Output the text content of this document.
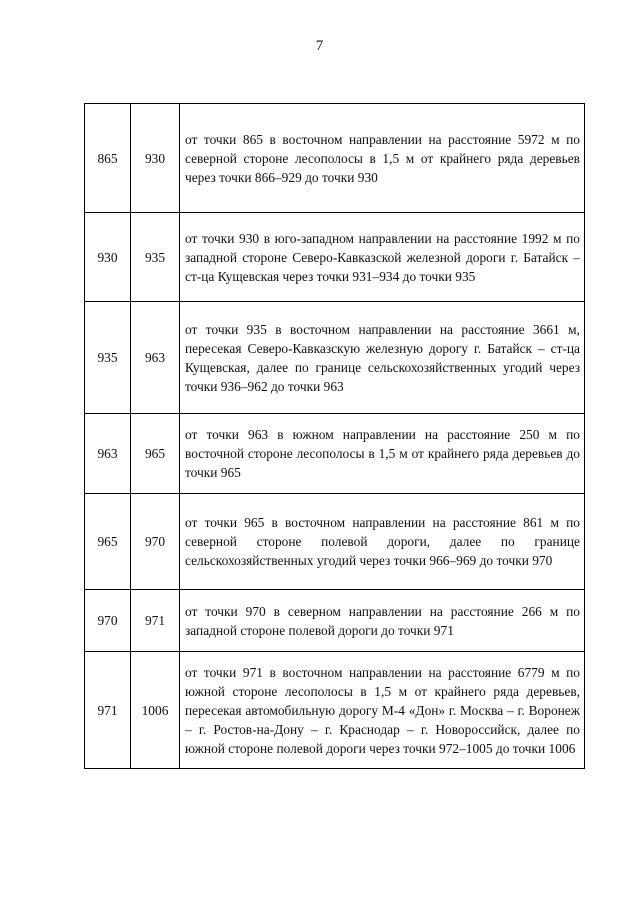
7
865	930	от точки 865 в восточном направлении на расстояние 5972 м по северной стороне лесополосы в 1,5 м от крайнего ряда деревьев через точки 866–929 до точки 930

930	935	от точки 930 в юго-западном направлении на расстояние 1992 м по западной стороне Северо-Кавказской железной дороги г. Батайск – ст-ца Кущевская через точки 931–934 до точки 935

935	963	от точки 935 в восточном направлении на расстояние 3661 м, пересекая Северо-Кавказскую железную дорогу г. Батайск – ст-ца Кущевская, далее по границе сельскохозяйственных угодий через точки 936–962 до точки 963

963	965	от точки 963 в южном направлении на расстояние 250 м по восточной стороне лесополосы в 1,5 м от крайнего ряда деревьев до точки 965

965	970	от точки 965 в восточном направлении на расстояние 861 м по северной стороне полевой дороги, далее по границе сельскохозяйственных угодий через точки 966–969 до точки 970

970	971	от точки 970 в северном направлении на расстояние 266 м по западной стороне полевой дороги до точки 971

971	1006	от точки 971 в восточном направлении на расстояние 6779 м по южной стороне лесополосы в 1,5 м от крайнего ряда деревьев, пересекая автомобильную дорогу М-4 «Дон» г. Москва – г. Воронеж – г. Ростов-на-Дону – г. Краснодар – г. Новороссийск, далее по южной стороне полевой дороги через точки 972–1005 до точки 1006
